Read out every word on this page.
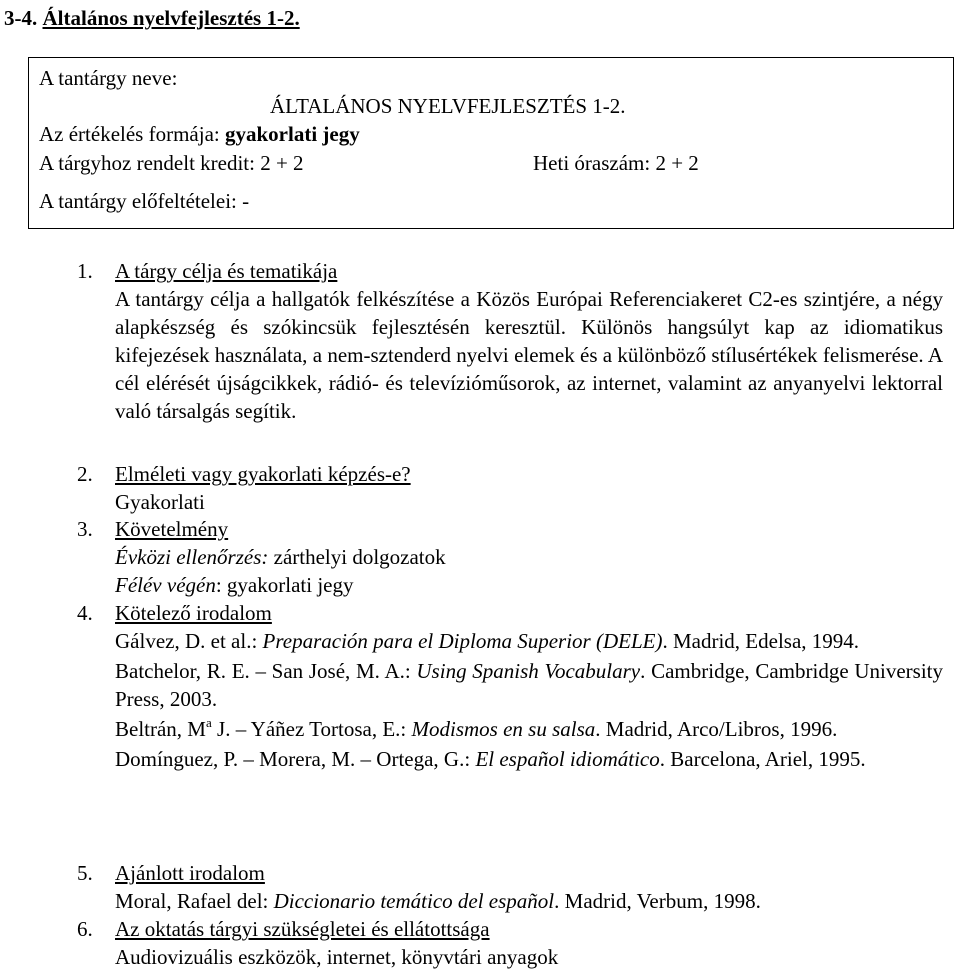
3-4. Általános nyelvfejlesztés 1-2.
A tantárgy neve:
ÁLTALÁNOS NYELVFEJLESZTÉS 1-2.
Az értékelés formája: gyakorlati jegy
A tárgyhoz rendelt kredit: 2 + 2	Heti óraszám: 2 + 2
A tantárgy előfeltételei: -
1. A tárgy célja és tematikája
A tantárgy célja a hallgatók felkészítése a Közös Európai Referenciakeret C2-es szintjére, a négy alapkészség és szókincsük fejlesztésén keresztül. Különös hangsúlyt kap az idiomatikus kifejezések használata, a nem-sztenderd nyelvi elemek és a különböző stílusértékek felismerése. A cél elérését újságcikkek, rádió- és televízióműsorok, az internet, valamint az anyanyelvi lektorral való társalgás segítik.
2. Elméleti vagy gyakorlati képzés-e?
Gyakorlati
3. Követelmény
Évközi ellenőrzés: zárthelyi dolgozatok
Félév végén: gyakorlati jegy
4. Kötelező irodalom
Gálvez, D. et al.: Preparación para el Diploma Superior (DELE). Madrid, Edelsa, 1994.
Batchelor, R. E. – San José, M. A.: Using Spanish Vocabulary. Cambridge, Cambridge University Press, 2003.
Beltrán, $M^a$ J. – Yáñez Tortosa, E.: Modismos en su salsa. Madrid, Arco/Libros, 1996.
Domínguez, P. – Morera, M. – Ortega, G.: El español idiomático. Barcelona, Ariel, 1995.
5. Ajánlott irodalom
Moral, Rafael del: Diccionario temático del español. Madrid, Verbum, 1998.
6. Az oktatás tárgyi szükségletei és ellátottsága
Audiovizuális eszközök, internet, könyvtári anyagok
